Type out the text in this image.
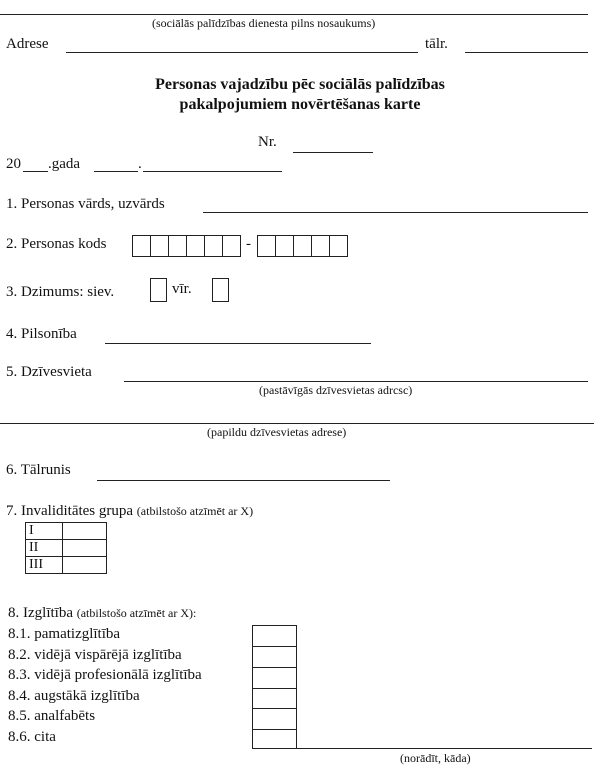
(sociālās palīdzības dienesta pilns nosaukums)
Adrese	tālr.
Personas vajadzību pēc sociālās palīdzības
pakalpojumiem novērtēšanas karte
Nr.
20 .gada	.
1. Personas vārds, uzvārds
2. Personas kods	-
3. Dzimums: siev.	vīr.
4. Pilsonība
5. Dzīvesvieta
(pastāvīgās dzīvesvietas adrcsc)
(papildu dzīvesvietas adrese)
6. Tālrunis
7. Invaliditātes grupa (atbilstošo atzīmēt ar X)
I	
II	
III	
8. Izglītība (atbilstošo atzīmēt ar X):
8.1. pamatizglītība
8.2. vidējā vispārējā izglītība
8.3. vidējā profesionālā izglītība
8.4. augstākā izglītība
8.5. analfabēts
8.6. cita
(norādīt, kāda)
